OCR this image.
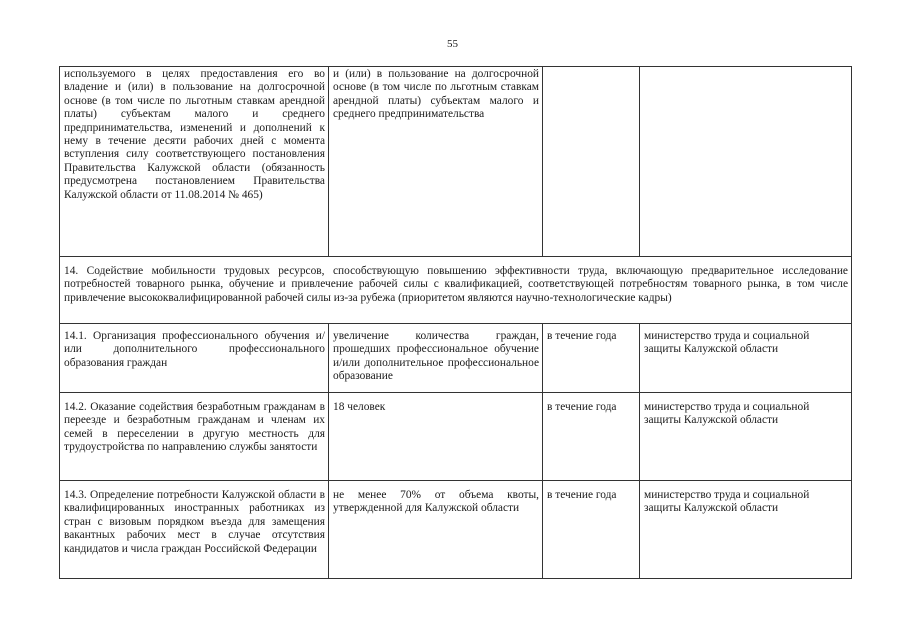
55
используемого в целях предоставления его во владение и (или) в пользование на долгосрочной основе (в том числе по льготным ставкам арендной платы) субъектам малого и среднего предпринимательства, изменений и дополнений к нему в течение десяти рабочих дней с момента вступления силу соответствующего постановления Правительства Калужской области (обязанность предусмотрена постановлением Правительства Калужской области от 11.08.2014 № 465)	и (или) в пользование на долгосрочной основе (в том числе по льготным ставкам арендной платы) субъектам малого и среднего предпринимательства		
14. Содействие мобильности трудовых ресурсов, способствующую повышению эффективности труда, включающую предварительное исследование потребностей товарного рынка, обучение и привлечение рабочей силы с квалификацией, соответствующей потребностям товарного рынка, в том числе привлечение высококвалифицированной рабочей силы из-за рубежа (приоритетом являются научно-технологические кадры)			
14.1. Организация профессионального обучения и/или дополнительного профессионального образования граждан	увеличение количества граждан, прошедших профессиональное обучение и/или дополнительное профессиональное образование	в течение года	министерство труда и социальной защиты Калужской области
14.2. Оказание содействия безработным гражданам в переезде и безработным гражданам и членам их семей в переселении в другую местность для трудоустройства по направлению службы занятости	18 человек	в течение года	министерство труда и социальной защиты Калужской области
14.3. Определение потребности Калужской области в квалифицированных иностранных работниках из стран с визовым порядком въезда для замещения вакантных рабочих мест в случае отсутствия кандидатов и числа граждан Российской Федерации	не менее 70% от объема квоты, утвержденной для Калужской области	в течение года	министерство труда и социальной защиты Калужской области
